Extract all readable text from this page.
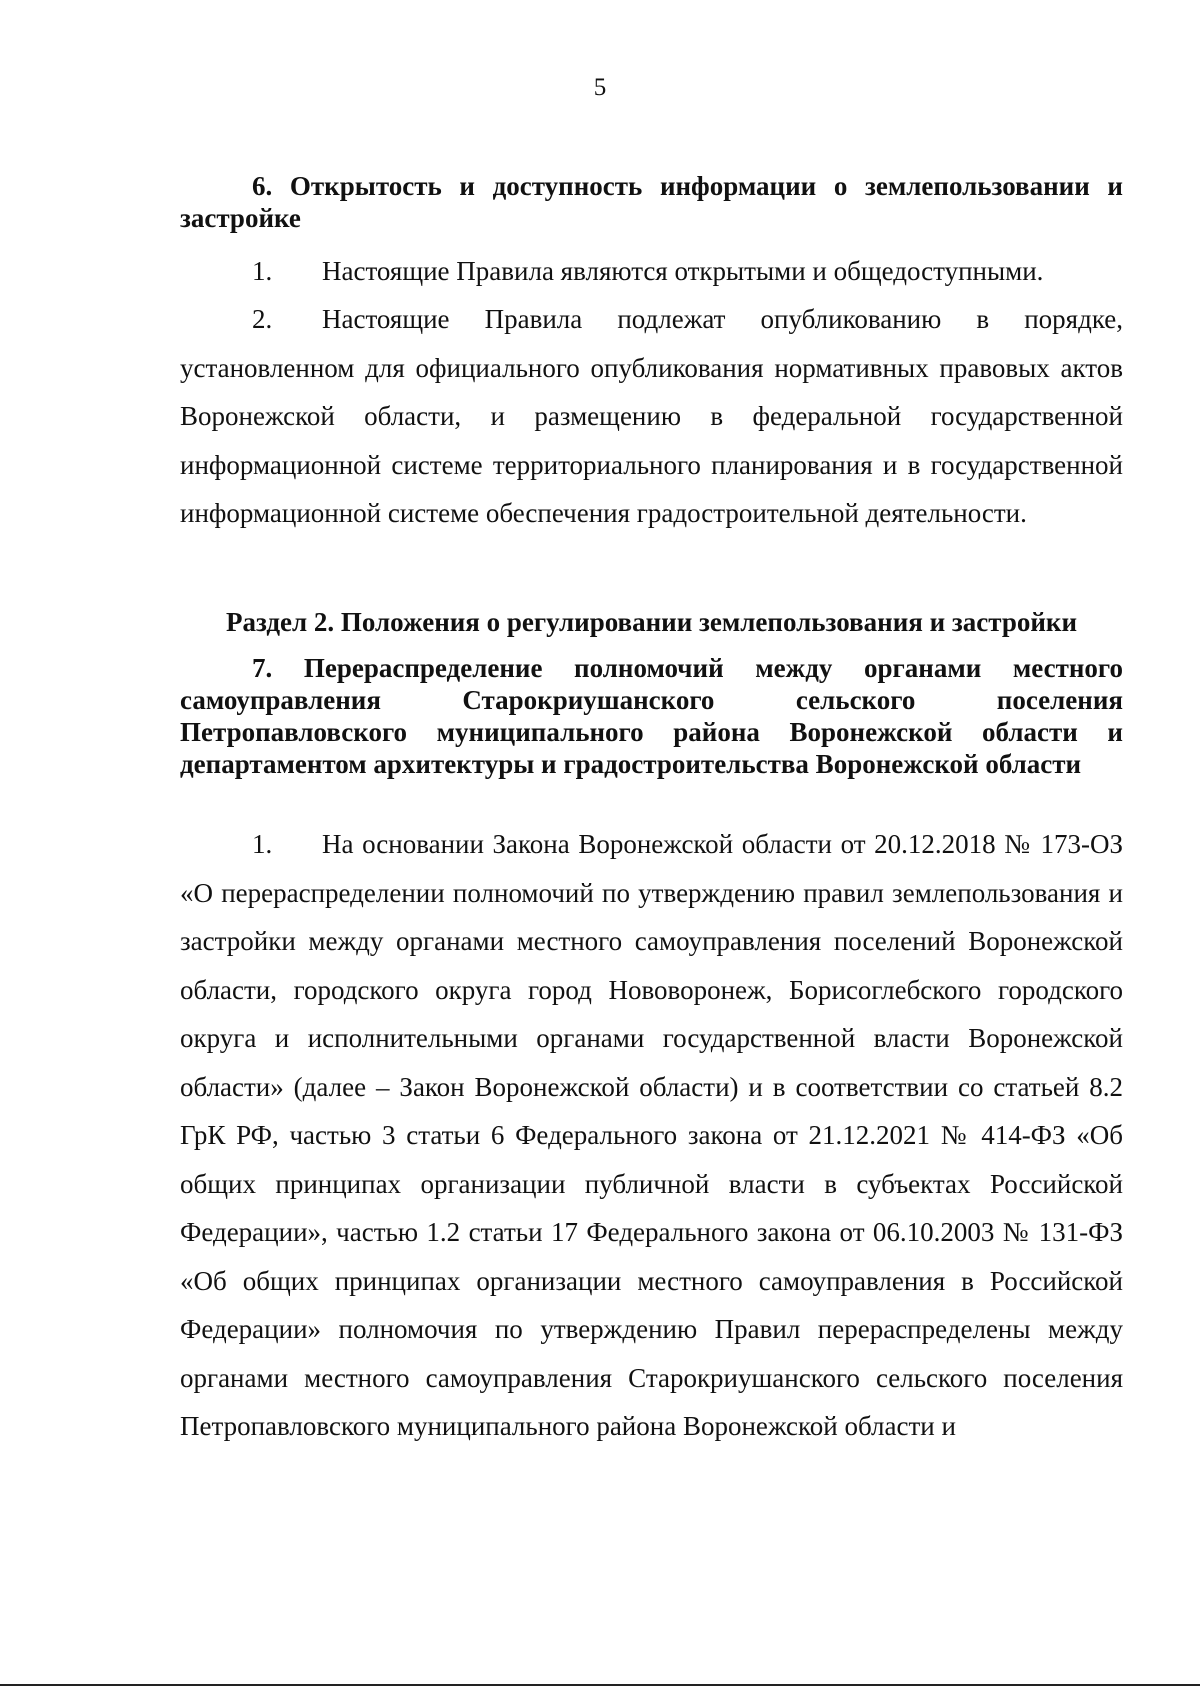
5
6. Открытость и доступность информации о землепользовании и застройке
1. Настоящие Правила являются открытыми и общедоступными.
2. Настоящие Правила подлежат опубликованию в порядке, установленном для официального опубликования нормативных правовых актов Воронежской области, и размещению в федеральной государственной информационной системе территориального планирования и в государственной информационной системе обеспечения градостроительной деятельности.
Раздел 2. Положения о регулировании землепользования и застройки
7. Перераспределение полномочий между органами местного самоуправления Старокриушанского сельского поселения Петропавловского муниципального района Воронежской области и департаментом архитектуры и градостроительства Воронежской области
1. На основании Закона Воронежской области от 20.12.2018 № 173-ОЗ «О перераспределении полномочий по утверждению правил землепользования и застройки между органами местного самоуправления поселений Воронежской области, городского округа город Нововоронеж, Борисоглебского городского округа и исполнительными органами государственной власти Воронежской области» (далее – Закон Воронежской области) и в соответствии со статьей 8.2 ГрК РФ, частью 3 статьи 6 Федерального закона от 21.12.2021 № 414-ФЗ «Об общих принципах организации публичной власти в субъектах Российской Федерации», частью 1.2 статьи 17 Федерального закона от 06.10.2003 № 131-ФЗ «Об общих принципах организации местного самоуправления в Российской Федерации» полномочия по утверждению Правил перераспределены между органами местного самоуправления Старокриушанского сельского поселения Петропавловского муниципального района Воронежской области и
